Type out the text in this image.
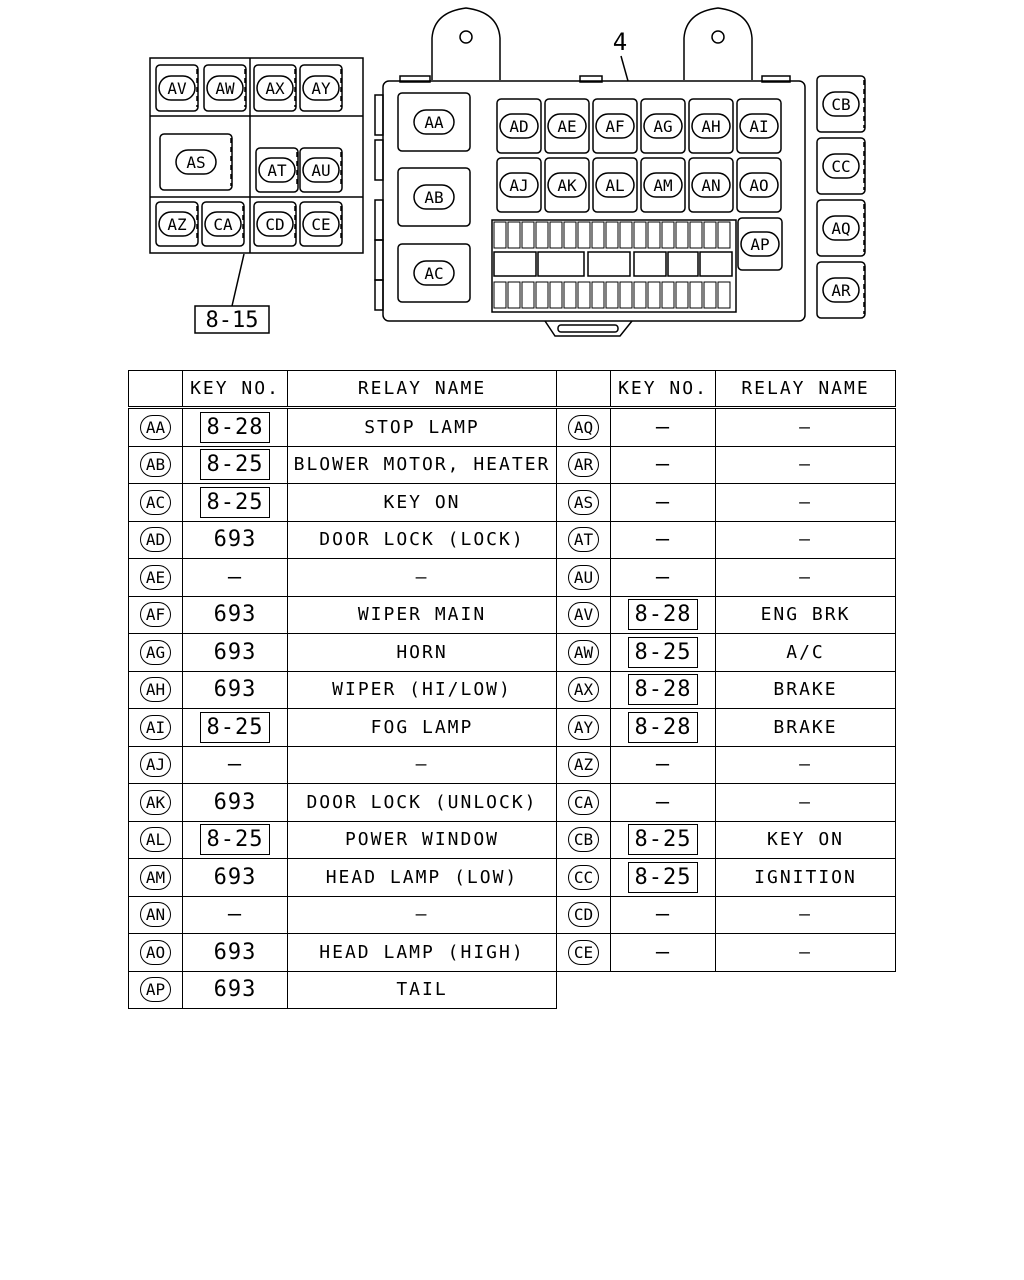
AV AW AX AY
AS	AT AU
AZ CA CD CE
8-15
4
AA
AB
AC
AD
AJ
AE
AK
AF
AL
AG
AM
AH
AN
AI
AO
AP
CB
CC
AQ
AR
	KEY NO.	RELAY NAME
AA	8-28	STOP LAMP
AB	8-25	BLOWER MOTOR, HEATER
AC	8-25	KEY ON
AD	693	DOOR LOCK (LOCK)
AE	—	—
AF	693	WIPER MAIN
AG	693	HORN
AH	693	WIPER (HI/LOW)
AI	8-25	FOG LAMP
AJ	—	—
AK	693	DOOR LOCK (UNLOCK)
AL	8-25	POWER WINDOW
AM	693	HEAD LAMP (LOW)
AN	—	—
AO	693	HEAD LAMP (HIGH)
AP	693	TAIL
	KEY NO.	RELAY NAME
AQ	—	—
AR	—	—
AS	—	—
AT	—	—
AU	—	—
AV	8-28	ENG BRK
AW	8-25	A/C
AX	8-28	BRAKE
AY	8-28	BRAKE
AZ	—	—
CA	—	—
CB	8-25	KEY ON
CC	8-25	IGNITION
CD	—	—
CE	—	—
